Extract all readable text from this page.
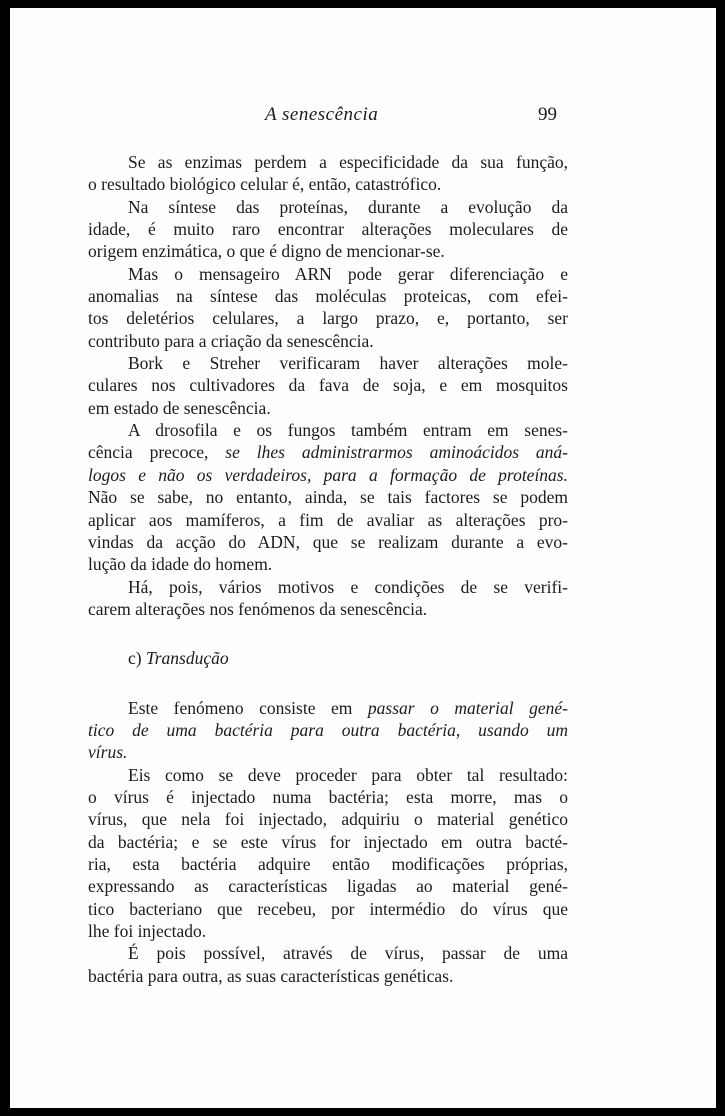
A senescência	99
Se as enzimas perdem a especificidade da sua função,
o resultado biológico celular é, então, catastrófico.
Na síntese das proteínas, durante a evolução da
idade, é muito raro encontrar alterações moleculares de
origem enzimática, o que é digno de mencionar-se.
Mas o mensageiro ARN pode gerar diferenciação e
anomalias na síntese das moléculas proteicas, com efei-
tos deletérios celulares, a largo prazo, e, portanto, ser
contributo para a criação da senescência.
Bork e Streher verificaram haver alterações mole-
culares nos cultivadores da fava de soja, e em mosquitos
em estado de senescência.
A drosofila e os fungos também entram em senes-
cência precoce, se lhes administrarmos aminoácidos aná-
logos e não os verdadeiros, para a formação de proteínas.
Não se sabe, no entanto, ainda, se tais factores se podem
aplicar aos mamíferos, a fim de avaliar as alterações pro-
vindas da acção do ADN, que se realizam durante a evo-
lução da idade do homem.
Há, pois, vários motivos e condições de se verifi-
carem alterações nos fenómenos da senescência.
c) Transdução
Este fenómeno consiste em passar o material gené-
tico de uma bactéria para outra bactéria, usando um
vírus.
Eis como se deve proceder para obter tal resultado:
o vírus é injectado numa bactéria; esta morre, mas o
vírus, que nela foi injectado, adquiriu o material genético
da bactéria; e se este vírus for injectado em outra bacté-
ria, esta bactéria adquire então modificações próprias,
expressando as características ligadas ao material gené-
tico bacteriano que recebeu, por intermédio do vírus que
lhe foi injectado.
É pois possível, através de vírus, passar de uma
bactéria para outra, as suas características genéticas.
